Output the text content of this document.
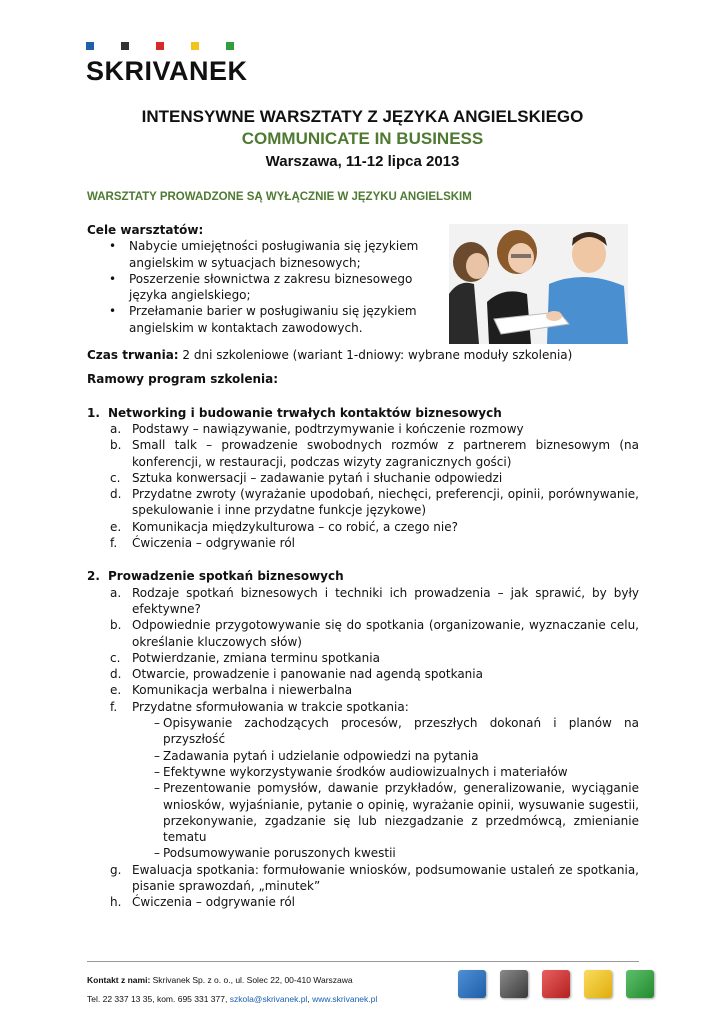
SKRIVANEK
INTENSYWNE WARSZTATY Z JĘZYKA ANGIELSKIEGO
COMMUNICATE IN BUSINESS
Warszawa, 11-12 lipca 2013
WARSZTATY PROWADZONE SĄ WYŁĄCZNIE W JĘZYKU ANGIELSKIM
Cele warsztatów:
• Nabycie umiejętności posługiwania się językiem angielskim w sytuacjach biznesowych;
• Poszerzenie słownictwa z zakresu biznesowego języka angielskiego;
• Przełamanie barier w posługiwaniu się językiem angielskim w kontaktach zawodowych.
Czas trwania: 2 dni szkoleniowe (wariant 1-dniowy: wybrane moduły szkolenia)
Ramowy program szkolenia:
1. Networking i budowanie trwałych kontaktów biznesowych
a. Podstawy – nawiązywanie, podtrzymywanie i kończenie rozmowy
b. Small talk – prowadzenie swobodnych rozmów z partnerem biznesowym (na konferencji, w restauracji, podczas wizyty zagranicznych gości)
c. Sztuka konwersacji – zadawanie pytań i słuchanie odpowiedzi
d. Przydatne zwroty (wyrażanie upodobań, niechęci, preferencji, opinii, porównywanie, spekulowanie i inne przydatne funkcje językowe)
e. Komunikacja międzykulturowa – co robić, a czego nie?
f.	Ćwiczenia – odgrywanie ról
2. Prowadzenie spotkań biznesowych
a. Rodzaje spotkań biznesowych i techniki ich prowadzenia – jak sprawić, by były efektywne?
b. Odpowiednie przygotowywanie się do spotkania (organizowanie, wyznaczanie celu, określanie kluczowych słów)
c. Potwierdzanie, zmiana terminu spotkania
d. Otwarcie, prowadzenie i panowanie nad agendą spotkania
e. Komunikacja werbalna i niewerbalna
f.	Przydatne sformułowania w trakcie spotkania:
– Opisywanie zachodzących procesów, przeszłych dokonań i planów na przyszłość
– Zadawania pytań i udzielanie odpowiedzi na pytania
– Efektywne wykorzystywanie środków audiowizualnych i materiałów
– Prezentowanie pomysłów, dawanie przykładów, generalizowanie, wyciąganie wniosków, wyjaśnianie, pytanie o opinię, wyrażanie opinii, wysuwanie sugestii, przekonywanie, zgadzanie się lub niezgadzanie z przedmówcą, zmienianie tematu
– Podsumowywanie poruszonych kwestii
g. Ewaluacja spotkania: formułowanie wniosków, podsumowanie ustaleń ze spotkania, pisanie sprawozdań, „minutek”
h. Ćwiczenia – odgrywanie ról
Kontakt z nami: Skrivanek Sp. z o. o., ul. Solec 22, 00-410 Warszawa
Tel. 22 337 13 35, kom. 695 331 377, szkola@skrivanek.pl, www.skrivanek.pl
